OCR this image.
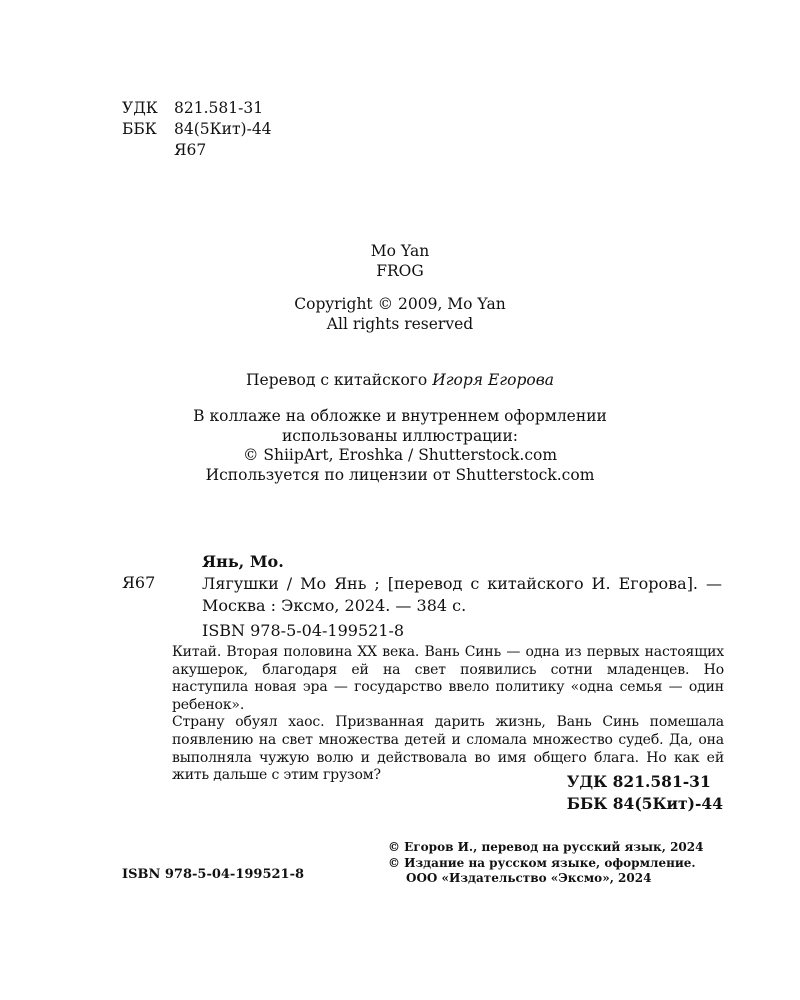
УДК	821.581-31
ББК	84(5Кит)-44
Я67
Mo Yan
FROG
Copyright © 2009, Mo Yan
All rights reserved
Перевод с китайского Игоря Егорова
В коллаже на обложке и внутреннем оформлении
использованы иллюстрации:
© ShiipArt, Eroshka / Shutterstock.com
Используется по лицензии от Shutterstock.com
Янь, Мо.
Я67	Лягушки / Мо Янь ; [перевод с китайского И. Егорова]. — Москва : Эксмо, 2024. — 384 с.
ISBN 978-5-04-199521-8

Китай. Вторая половина XX века. Вань Синь — одна из первых настоящих акушерок, благодаря ей на свет появились сотни младенцев. Но наступила новая эра — государство ввело политику «одна семья — один ребенок».

Страну обуял хаос. Призванная дарить жизнь, Вань Синь помешала появлению на свет множества детей и сломала множество судеб. Да, она выполняла чужую волю и действовала во имя общего блага. Но как ей жить дальше с этим грузом?	УДК 821.581-31
ББК 84(5Кит)-44
© Егоров И., перевод на русский язык, 2024
© Издание на русском языке, оформление.
ООО «Издательство «Эксмо», 2024
ISBN 978-5-04-199521-8
